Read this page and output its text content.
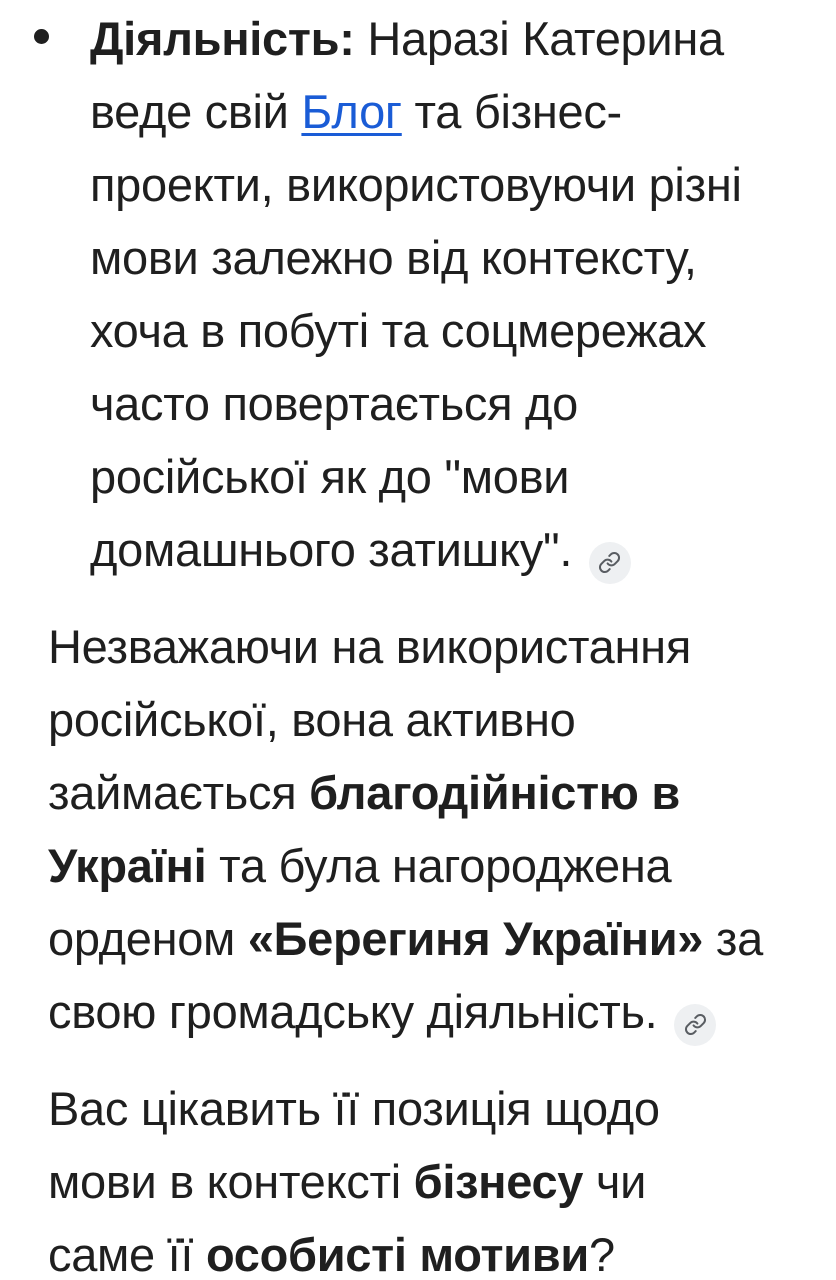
Діяльність: Наразі Катерина
веде свій Блог та бізнес-
проекти, використовуючи різні
мови залежно від контексту,
хоча в побуті та соцмережах
часто повертається до
російської як до "мови
домашнього затишку".
Незважаючи на використання
російської, вона активно
займається благодійністю в
Україні та була нагороджена
орденом «Берегиня України» за
свою громадську діяльність.
Вас цікавить її позиція щодо
мови в контексті бізнесу чи
саме її особисті мотиви?
